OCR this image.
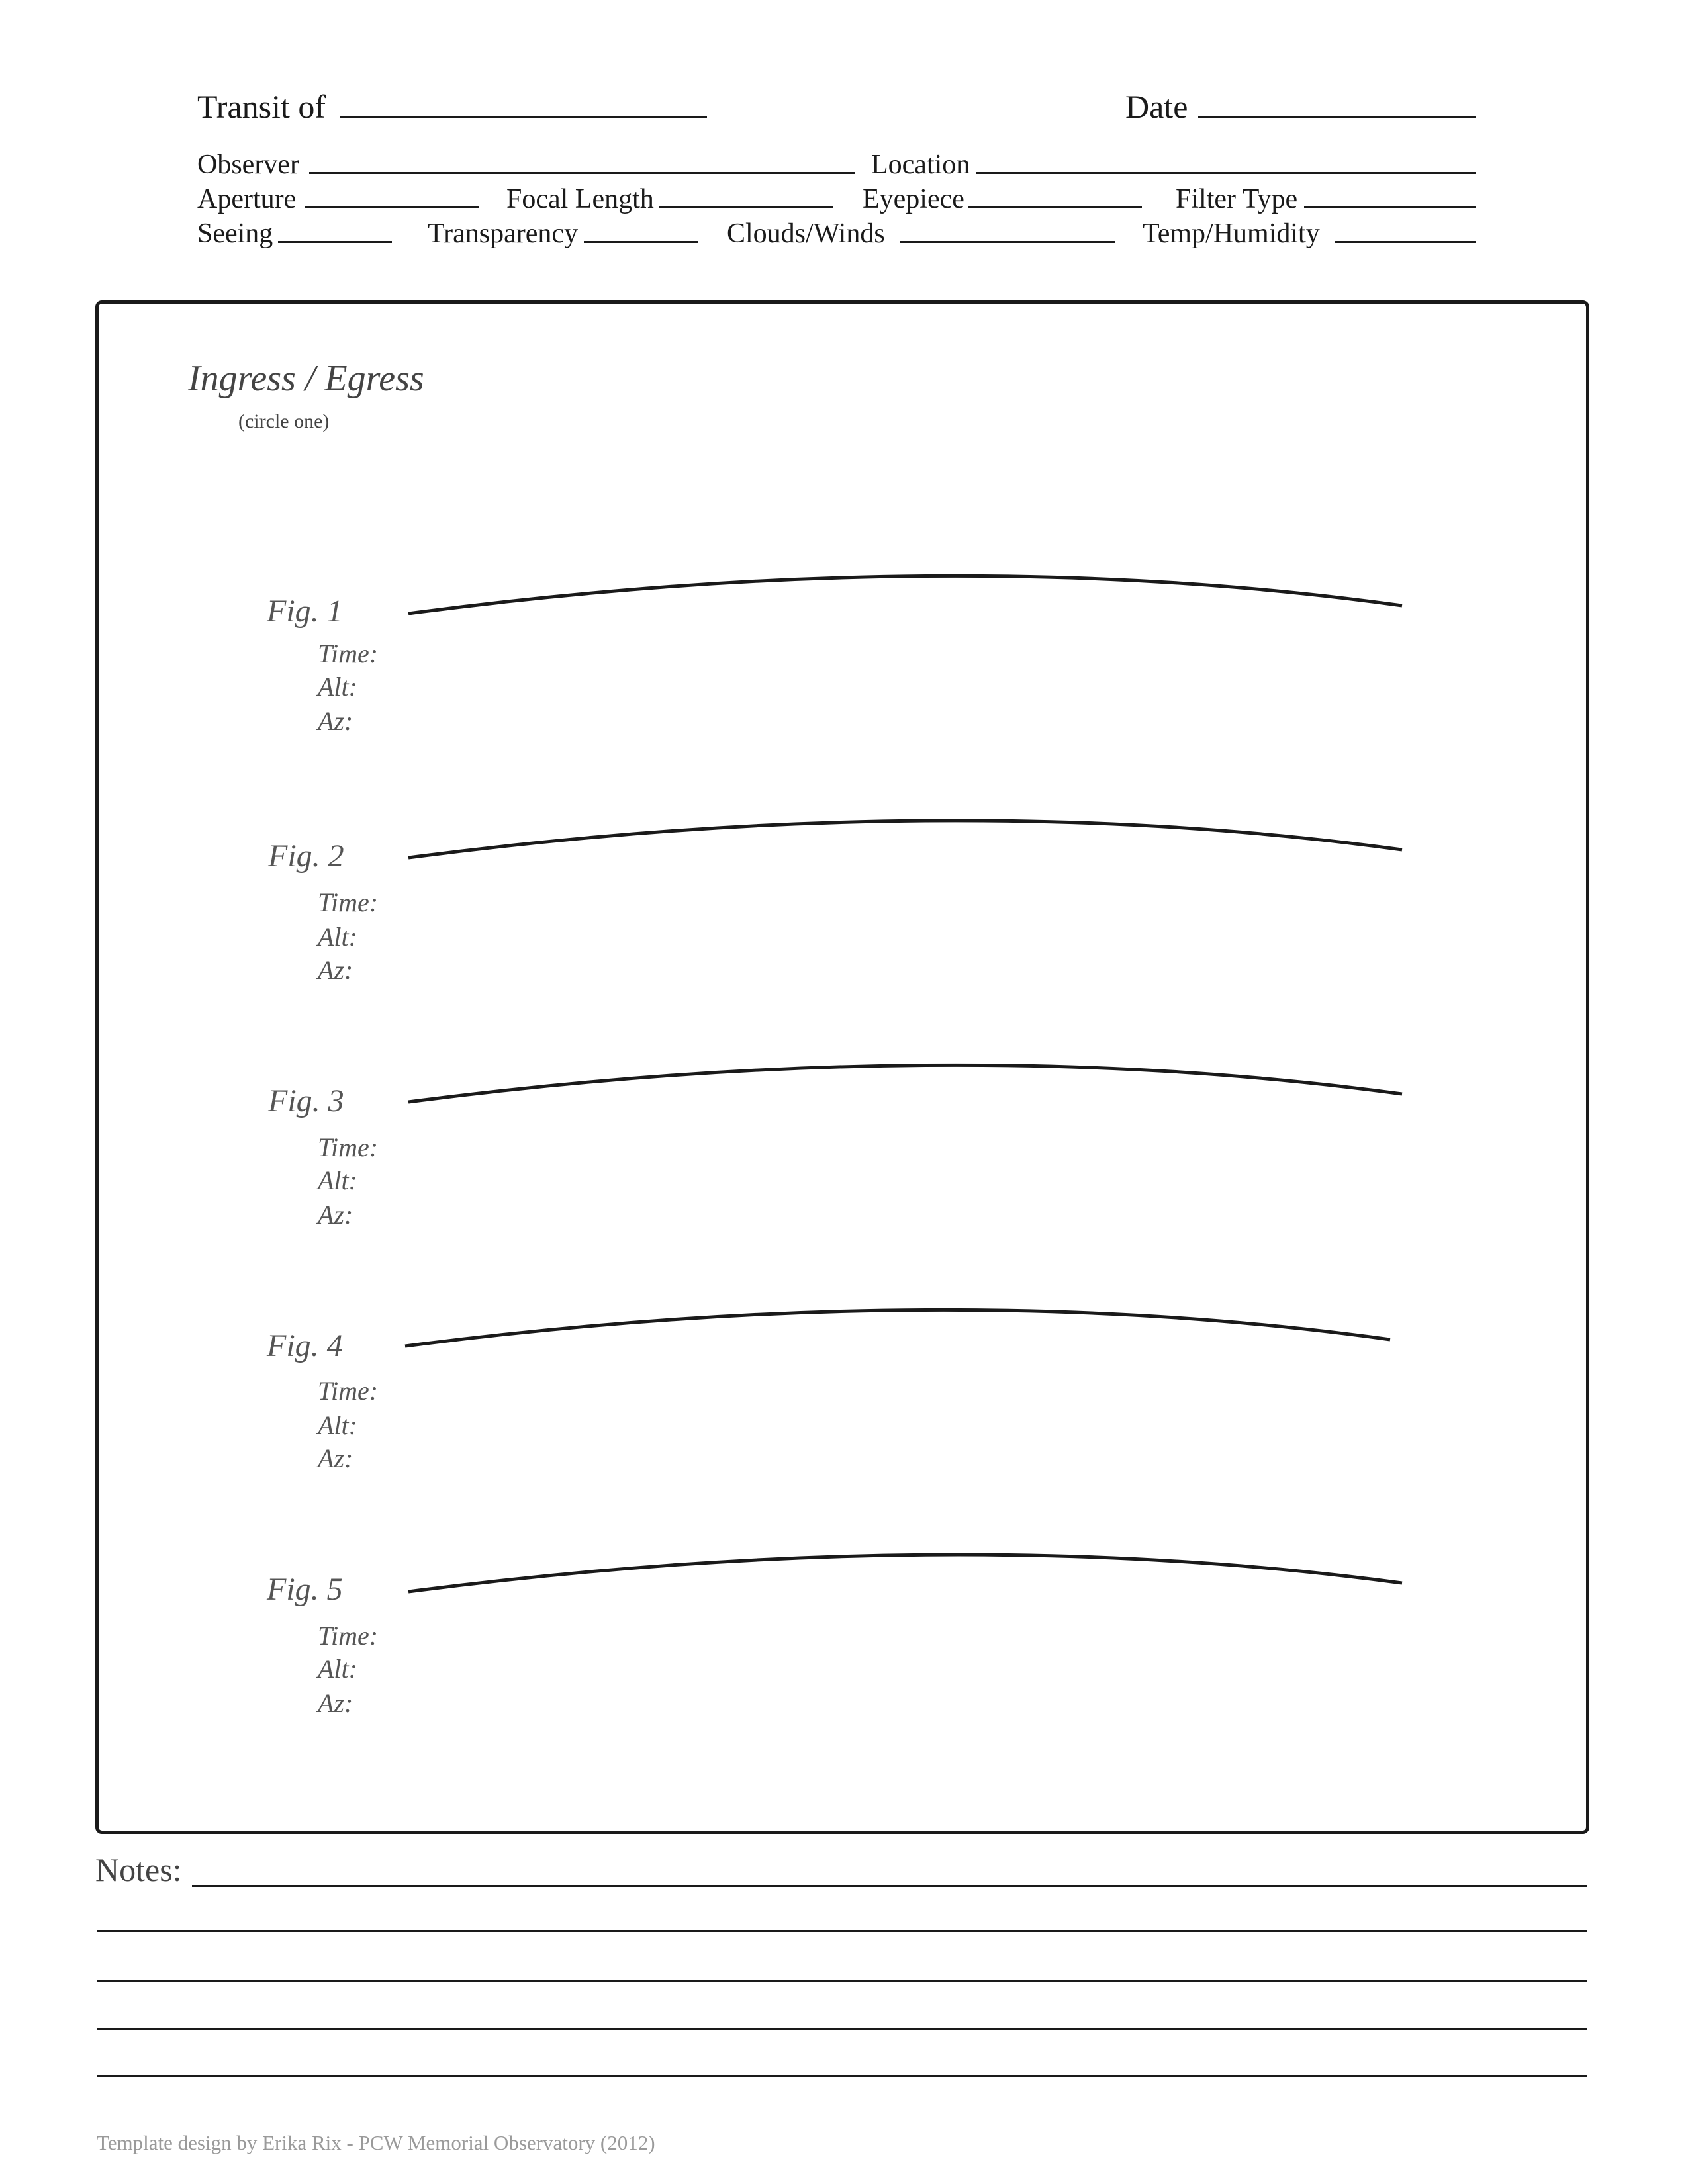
Transit of	Date
Observer	Location
Aperture	Focal Length	Eyepiece	Filter Type
Seeing	Transparency	Clouds/Winds	Temp/Humidity
Ingress / Egress
(circle one)
Fig. 1
Time:
Alt:
Az:
Fig. 2
Time:
Alt:
Az:
Fig. 3
Time:
Alt:
Az:
Fig. 4
Time:
Alt:
Az:
Fig. 5
Time:
Alt:
Az:
Notes:
Template design by Erika Rix - PCW Memorial Observatory (2012)
